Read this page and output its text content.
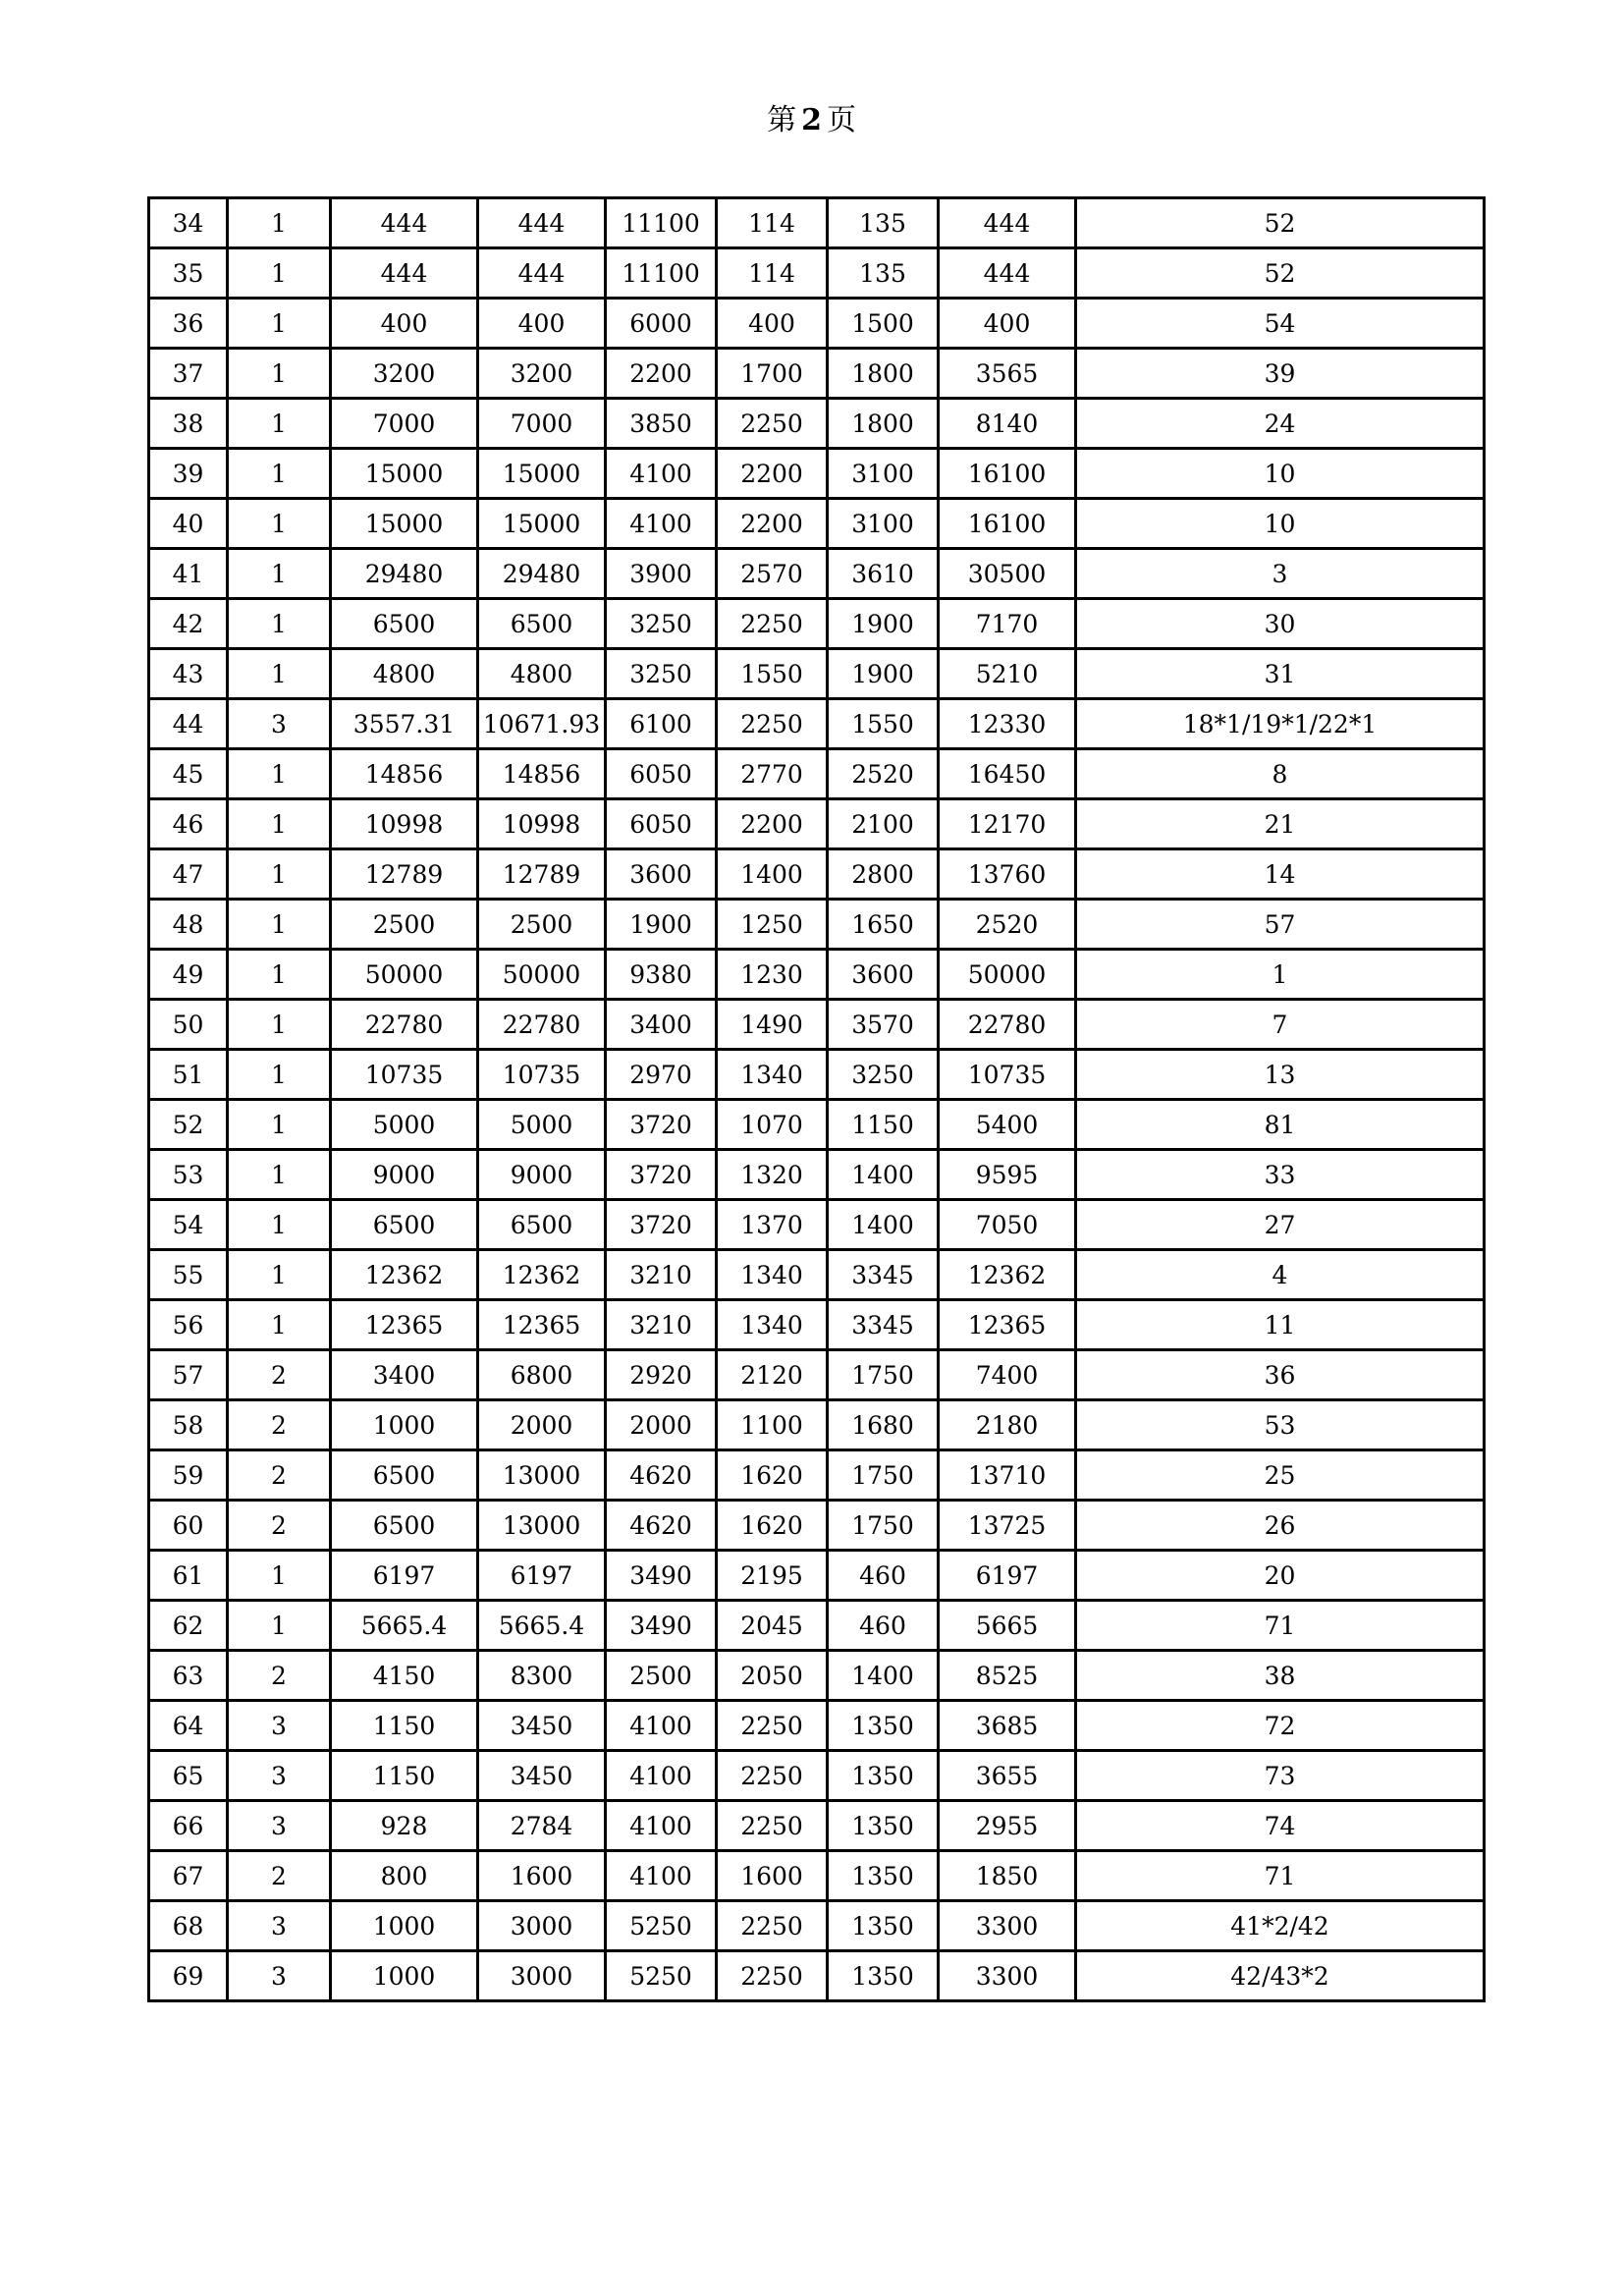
第 2 页
34	1	444	444	11100	114	135	444	52
35	1	444	444	11100	114	135	444	52
36	1	400	400	6000	400	1500	400	54
37	1	3200	3200	2200	1700	1800	3565	39
38	1	7000	7000	3850	2250	1800	8140	24
39	1	15000	15000	4100	2200	3100	16100	10
40	1	15000	15000	4100	2200	3100	16100	10
41	1	29480	29480	3900	2570	3610	30500	3
42	1	6500	6500	3250	2250	1900	7170	30
43	1	4800	4800	3250	1550	1900	5210	31
44	3	3557.31	10671.93	6100	2250	1550	12330	18*1/19*1/22*1
45	1	14856	14856	6050	2770	2520	16450	8
46	1	10998	10998	6050	2200	2100	12170	21
47	1	12789	12789	3600	1400	2800	13760	14
48	1	2500	2500	1900	1250	1650	2520	57
49	1	50000	50000	9380	1230	3600	50000	1
50	1	22780	22780	3400	1490	3570	22780	7
51	1	10735	10735	2970	1340	3250	10735	13
52	1	5000	5000	3720	1070	1150	5400	81
53	1	9000	9000	3720	1320	1400	9595	33
54	1	6500	6500	3720	1370	1400	7050	27
55	1	12362	12362	3210	1340	3345	12362	4
56	1	12365	12365	3210	1340	3345	12365	11
57	2	3400	6800	2920	2120	1750	7400	36
58	2	1000	2000	2000	1100	1680	2180	53
59	2	6500	13000	4620	1620	1750	13710	25
60	2	6500	13000	4620	1620	1750	13725	26
61	1	6197	6197	3490	2195	460	6197	20
62	1	5665.4	5665.4	3490	2045	460	5665	71
63	2	4150	8300	2500	2050	1400	8525	38
64	3	1150	3450	4100	2250	1350	3685	72
65	3	1150	3450	4100	2250	1350	3655	73
66	3	928	2784	4100	2250	1350	2955	74
67	2	800	1600	4100	1600	1350	1850	71
68	3	1000	3000	5250	2250	1350	3300	41*2/42
69	3	1000	3000	5250	2250	1350	3300	42/43*2
